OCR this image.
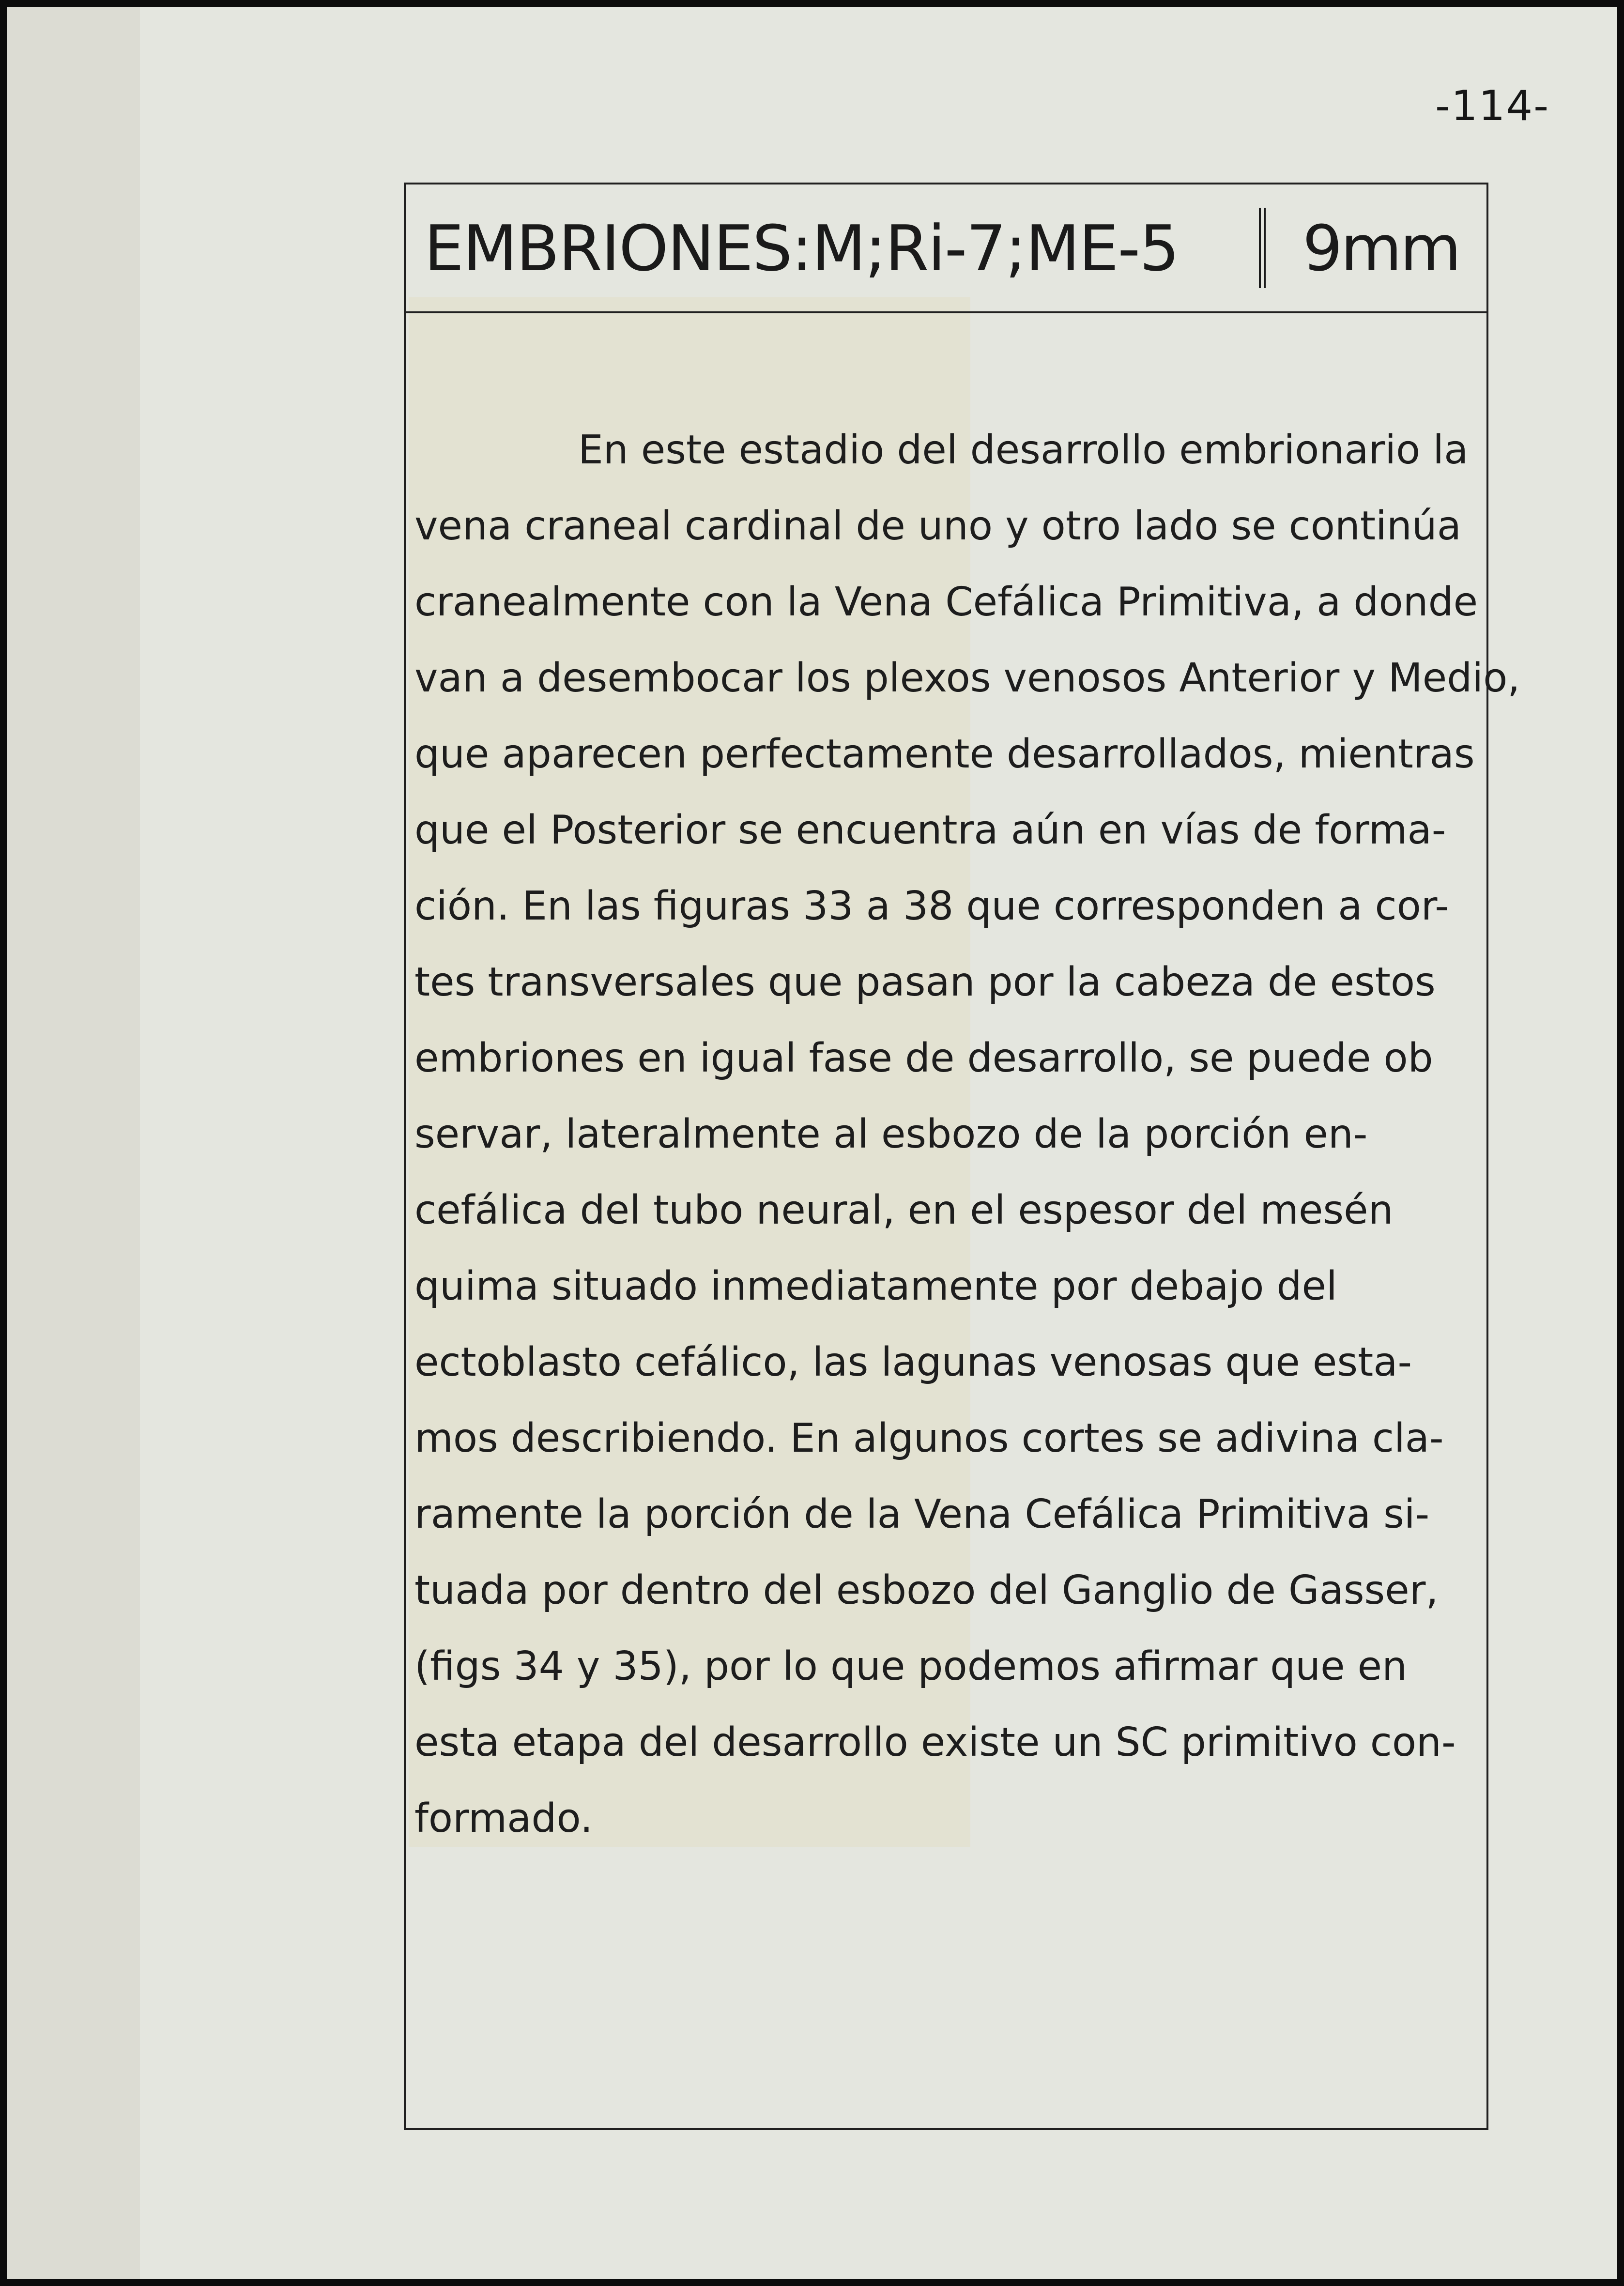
-114-
EMBRIONES:M;Ri-7;ME-5 9mm
En este estadio del desarrollo embrionario la
vena craneal cardinal de uno y otro lado se continúa
cranealmente con la Vena Cefálica Primitiva, a donde
van a desembocar los plexos venosos Anterior y Medio,
que aparecen perfectamente desarrollados, mientras
que el Posterior se encuentra aún en vías de forma-
ción. En las figuras 33 a 38 que corresponden a cor-
tes transversales que pasan por la cabeza de estos
embriones en igual fase de desarrollo, se puede ob
servar, lateralmente al esbozo de la porción en-
cefálica del tubo neural, en el espesor del mesén
quima situado inmediatamente por debajo del
ectoblasto cefálico, las lagunas venosas que esta-
mos describiendo. En algunos cortes se adivina cla-
ramente la porción de la Vena Cefálica Primitiva si-
tuada por dentro del esbozo del Ganglio de Gasser,
(figs 34 y 35), por lo que podemos afirmar que en
esta etapa del desarrollo existe un SC primitivo con-
formado.
